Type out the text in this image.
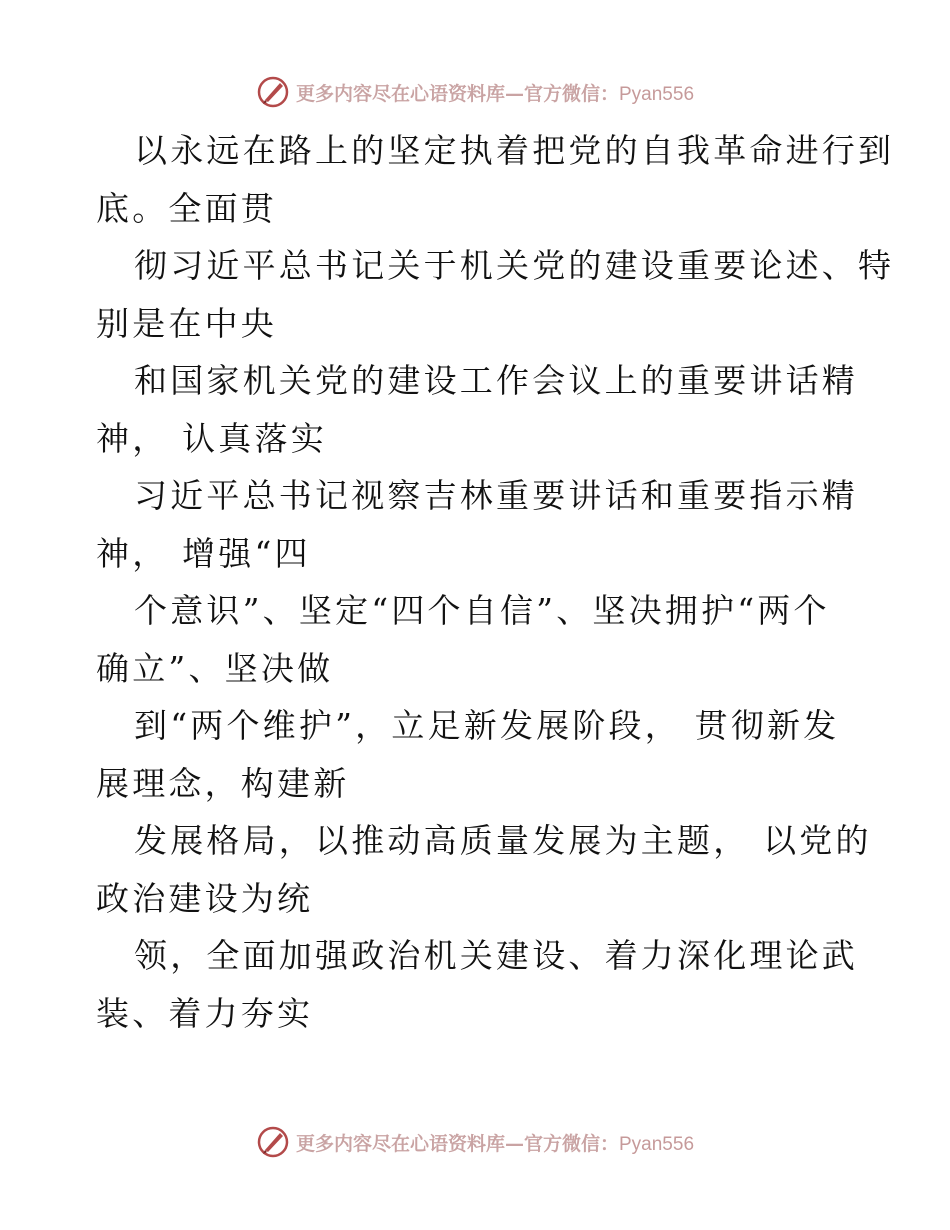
更多内容尽在心语资料库—官方微信：Pyan556
以永远在路上的坚定执着把党的自我革命进行到
底。全面贯
彻习近平总书记关于机关党的建设重要论述、特
别是在中央
和国家机关党的建设工作会议上的重要讲话精
神， 认真落实
习近平总书记视察吉林重要讲话和重要指示精
神， 增强“四
个意识”、坚定“四个自信”、坚决拥护“两个
确立”、坚决做
到“两个维护”，立足新发展阶段， 贯彻新发
展理念，构建新
发展格局，以推动高质量发展为主题， 以党的
政治建设为统
领，全面加强政治机关建设、着力深化理论武
装、着力夯实
更多内容尽在心语资料库—官方微信：Pyan556
